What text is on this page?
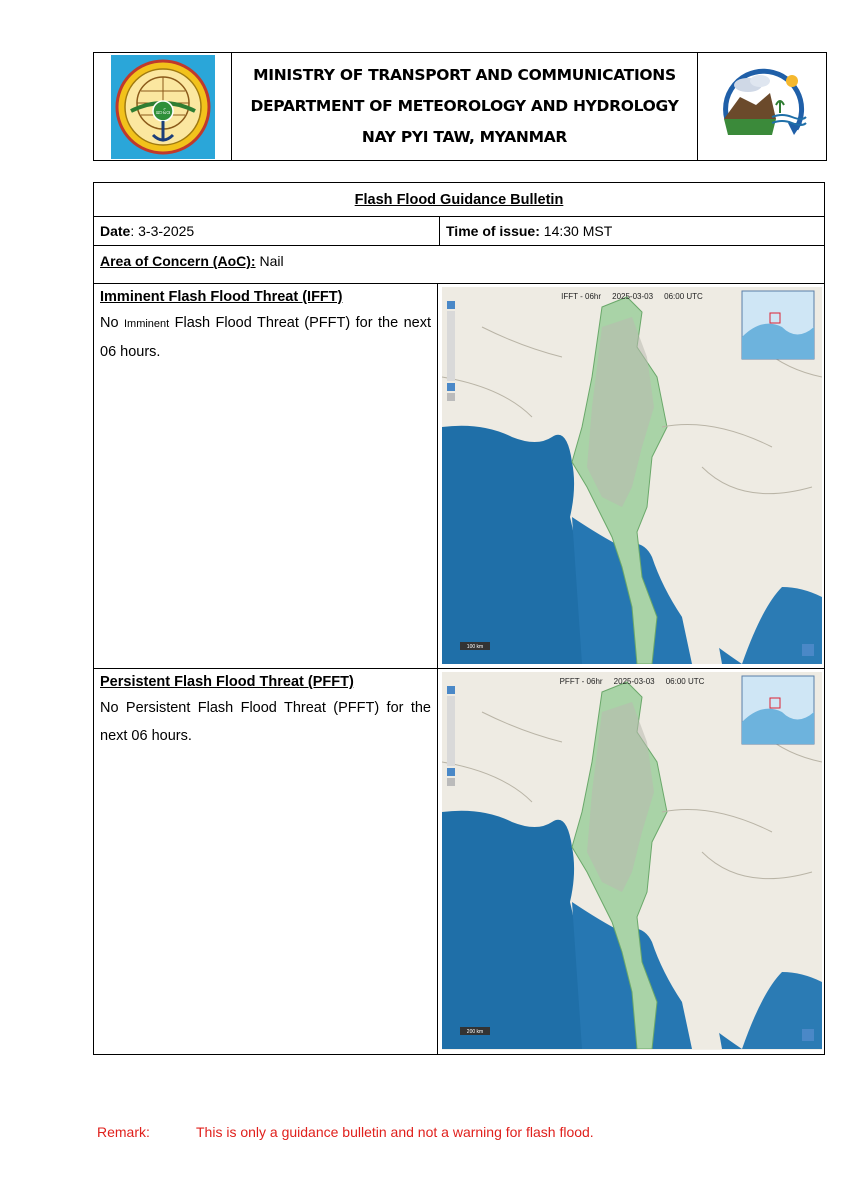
ဆမ်ဒ
MINISTRY OF TRANSPORT AND COMMUNICATIONS
DEPARTMENT OF METEOROLOGY AND HYDROLOGY
NAY PYI TAW, MYANMAR
Flash Flood Guidance Bulletin
Date : 3-3-2025	Time of issue: 14:30 MST
Area of Concern (AoC): Nail
Imminent Flash Flood Threat (IFFT)
No Imminent Flash Flood Threat (PFFT) for the next 06 hours.
100 km
IFFT - 06hr     2025-03-03     06:00 UTC
Persistent Flash Flood Threat (PFFT)
No Persistent Flash Flood Threat (PFFT) for the next 06 hours.
200 km
PFFT - 06hr     2025-03-03     06:00 UTC
Remark:	This is only a guidance bulletin and not a warning for flash flood.
